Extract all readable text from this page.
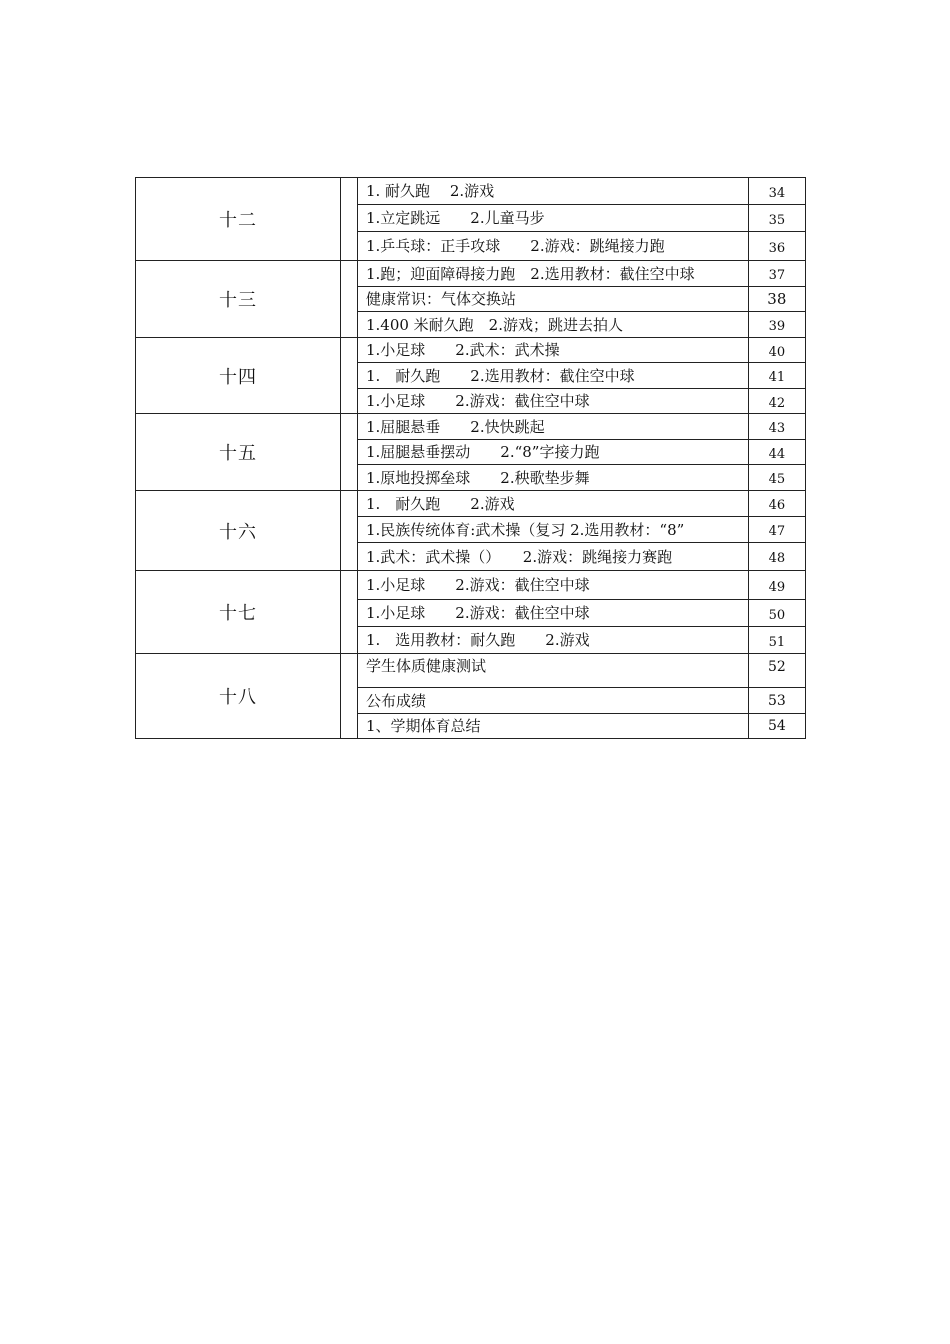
十二		1. 耐久跑　 2.游戏	34
		1.立定跳远　　2.儿童马步	35
		1.乒乓球：正手攻球　　2.游戏：跳绳接力跑	36
十三		1.跑；迎面障碍接力跑　2.选用教材：截住空中球	37
		健康常识：气体交换站	38
		1.400 米耐久跑　2.游戏；跳进去拍人	39
十四		1.小足球　　2.武术：武术操	40
		1.　耐久跑　　2.选用教材：截住空中球	41
		1.小足球　　2.游戏：截住空中球	42
十五		1.屈腿悬垂　　2.快快跳起	43
		1.屈腿悬垂摆动　　2.“8”字接力跑	44
		1.原地投掷垒球　　2.秧歌垫步舞	45
十六		1.　耐久跑　　2.游戏	46
		1.民族传统体育:武术操（复习 2.选用教材：“8”	47
		1.武术：武术操（）　　2.游戏：跳绳接力赛跑	48
十七		1.小足球　　2.游戏：截住空中球	49
		1.小足球　　2.游戏：截住空中球	50
		1.　选用教材：耐久跑　　2.游戏	51
十八		学生体质健康测试	52
		公布成绩	53
		1、学期体育总结	54
